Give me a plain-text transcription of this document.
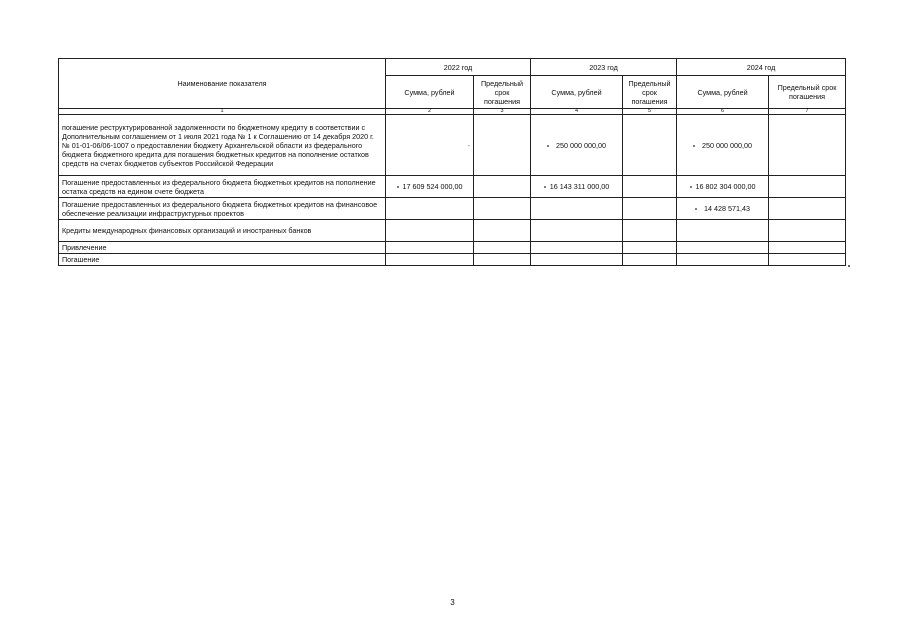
Наименование показателя	2022 год		2023 год		2024 год	
	Сумма, рублей	Предельный срок погашения	Сумма, рублей	Предельный срок погашения	Сумма, рублей	Предельный срок погашения
1	2	3	4	5	6	7
погашение реструктурированной задолженности по бюджетному кредиту в соответствии с Дополнительным соглашением от 1 июля 2021 года № 1 к Соглашению от 14 декабря 2020 г. № 01-01-06/06-1007 о предоставлении бюджету Архангельской области из федерального бюджета бюджетного кредита для погашения бюджетных кредитов на пополнение остатков средств на счетах бюджетов субъектов Российской Федерации	-		250 000 000,00		250 000 000,00	
Погашение предоставленных из федерального бюджета бюджетных кредитов на пополнение остатка средств на едином счете бюджета	17 609 524 000,00		16 143 311 000,00		16 802 304 000,00	
Погашение предоставленных из федерального бюджета бюджетных кредитов на финансовое обеспечение реализации инфраструктурных проектов					14 428 571,43	
Кредиты международных финансовых организаций и иностранных банков						
Привлечение						
Погашение						
3
